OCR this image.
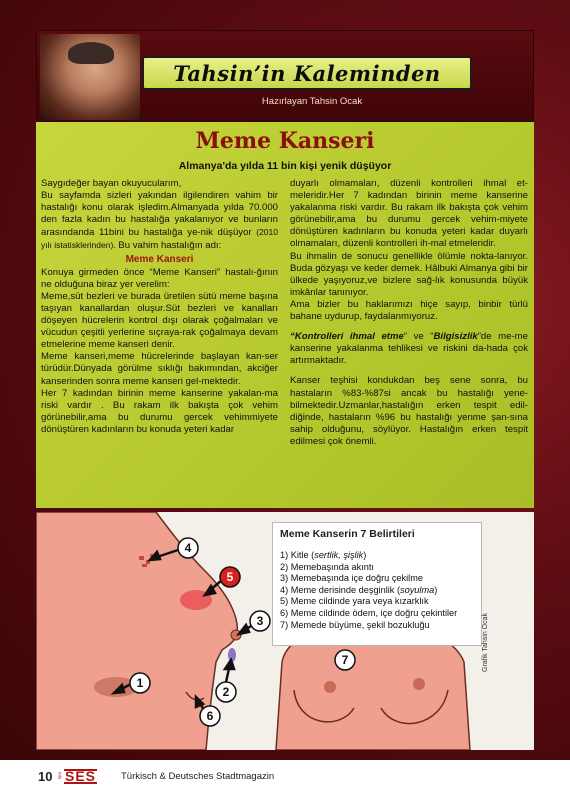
Tahsin’in Kaleminden
Hazırlayan Tahsin Ocak
Meme Kanseri
Almanya'da yılda 11 bin kişi yenik düşüyor

Saygıdeğer bayan okuyucularım,

Bu sayfamda sizleri yakından ilgilendiren vahim bir hastalığı konu olarak işledim.Almanyada yılda 70.000 den fazla kadın bu hastalığa yakalanıyor ve bunların arasındanda 11bini bu hastalığa ye-nik düşüyor (2010 yılı istatisklerinden). Bu vahim hastalığın adı:

Meme Kanseri

Konuya girmeden önce “Meme Kanseri” hastalı-ğının ne olduğuna biraz yer verelim:

Meme,süt bezleri ve burada üretilen sütü meme başına taşıyan kanallardan oluşur.Süt bezleri ve kanalları döşeyen hücrelerin kontrol dışı olarak çoğalmaları ve vücudun çeşitli yerlerine sıçraya-rak çoğalmaya devam etmelerine meme kanseri denir.

Meme kanseri,meme hücrelerinde başlayan kan-ser türüdür.Dünyada görülme sıklığı bakımından, akciğer kanserinden sonra meme kanseri gel-mektedir.

Her 7 kadından birinin meme kanserine yakalan-ma riski vardır . Bu rakam ilk bakışta çok vehim görünebilir,ama bu durumu gercek vehimmiyete dönüştüren kadınların bu konuda yeteri kadar

duyarlı olmamaları, düzenli kontrolleri ihmal et-meleridir.Her 7 kadından birinin meme kanserine yakalanma riski vardır. Bu rakam ilk bakışta çok vehim görünebilir,ama bu durumu gercek vehim-miyete dönüştüren kadınların bu konuda yeteri kadar duyarlı olmamaları, düzenli kontrolleri ih-mal etmeleridir.

Bu ihmalin de sonucu genellikle ölümle nokta-lanıyor. Buda gözyaşı ve keder demek. Hâlbuki Almanya gibi bir ülkede yaşıyoruz,ve bizlere sağ-lık konusunda büyük imkânlar tanınıyor.

Ama bizler bu haklarımızı hiçe sayıp, binbir türlü bahane uydurup, faydalanmıyoruz.

“Kontrolleri ihmal etme“ ve “Bilgisizlik”de me-me kanserine yakalanma tehlikesi ve riskini da-hada çok artırmaktadır.

Kanser teşhisi kondukdan beş sene sonra, bu hastaların %83-%87si ancak bu hastalığı yene-bilmektedir.Uzmanlar,hastalığın erken tespit edil-diğinde, hastaların %96 bu hastalığı yenme şan-sına sahip olduğunu, söylüyor. Hastalığın erken tespit edilmesi çok önemli.

1
2
3
4
5
6
7
Meme Kanserin 7 Belirtileri
1) Kitle (sertlik, şişlik)
2) Memebaşında akıntı
3) Memebaşında içe doğru çekilme
4) Meme derisinde deşginlik (soyulma)
5) Meme cildinde yara veya kızarklık
6) Meme cildinde ödem, içe doğru çekintiler
7) Memede büyüme, şekil bozukluğu	Grafik Tahsin Ocak
10 Işın SES	Türkisch & Deutsches Stadtmagazin
